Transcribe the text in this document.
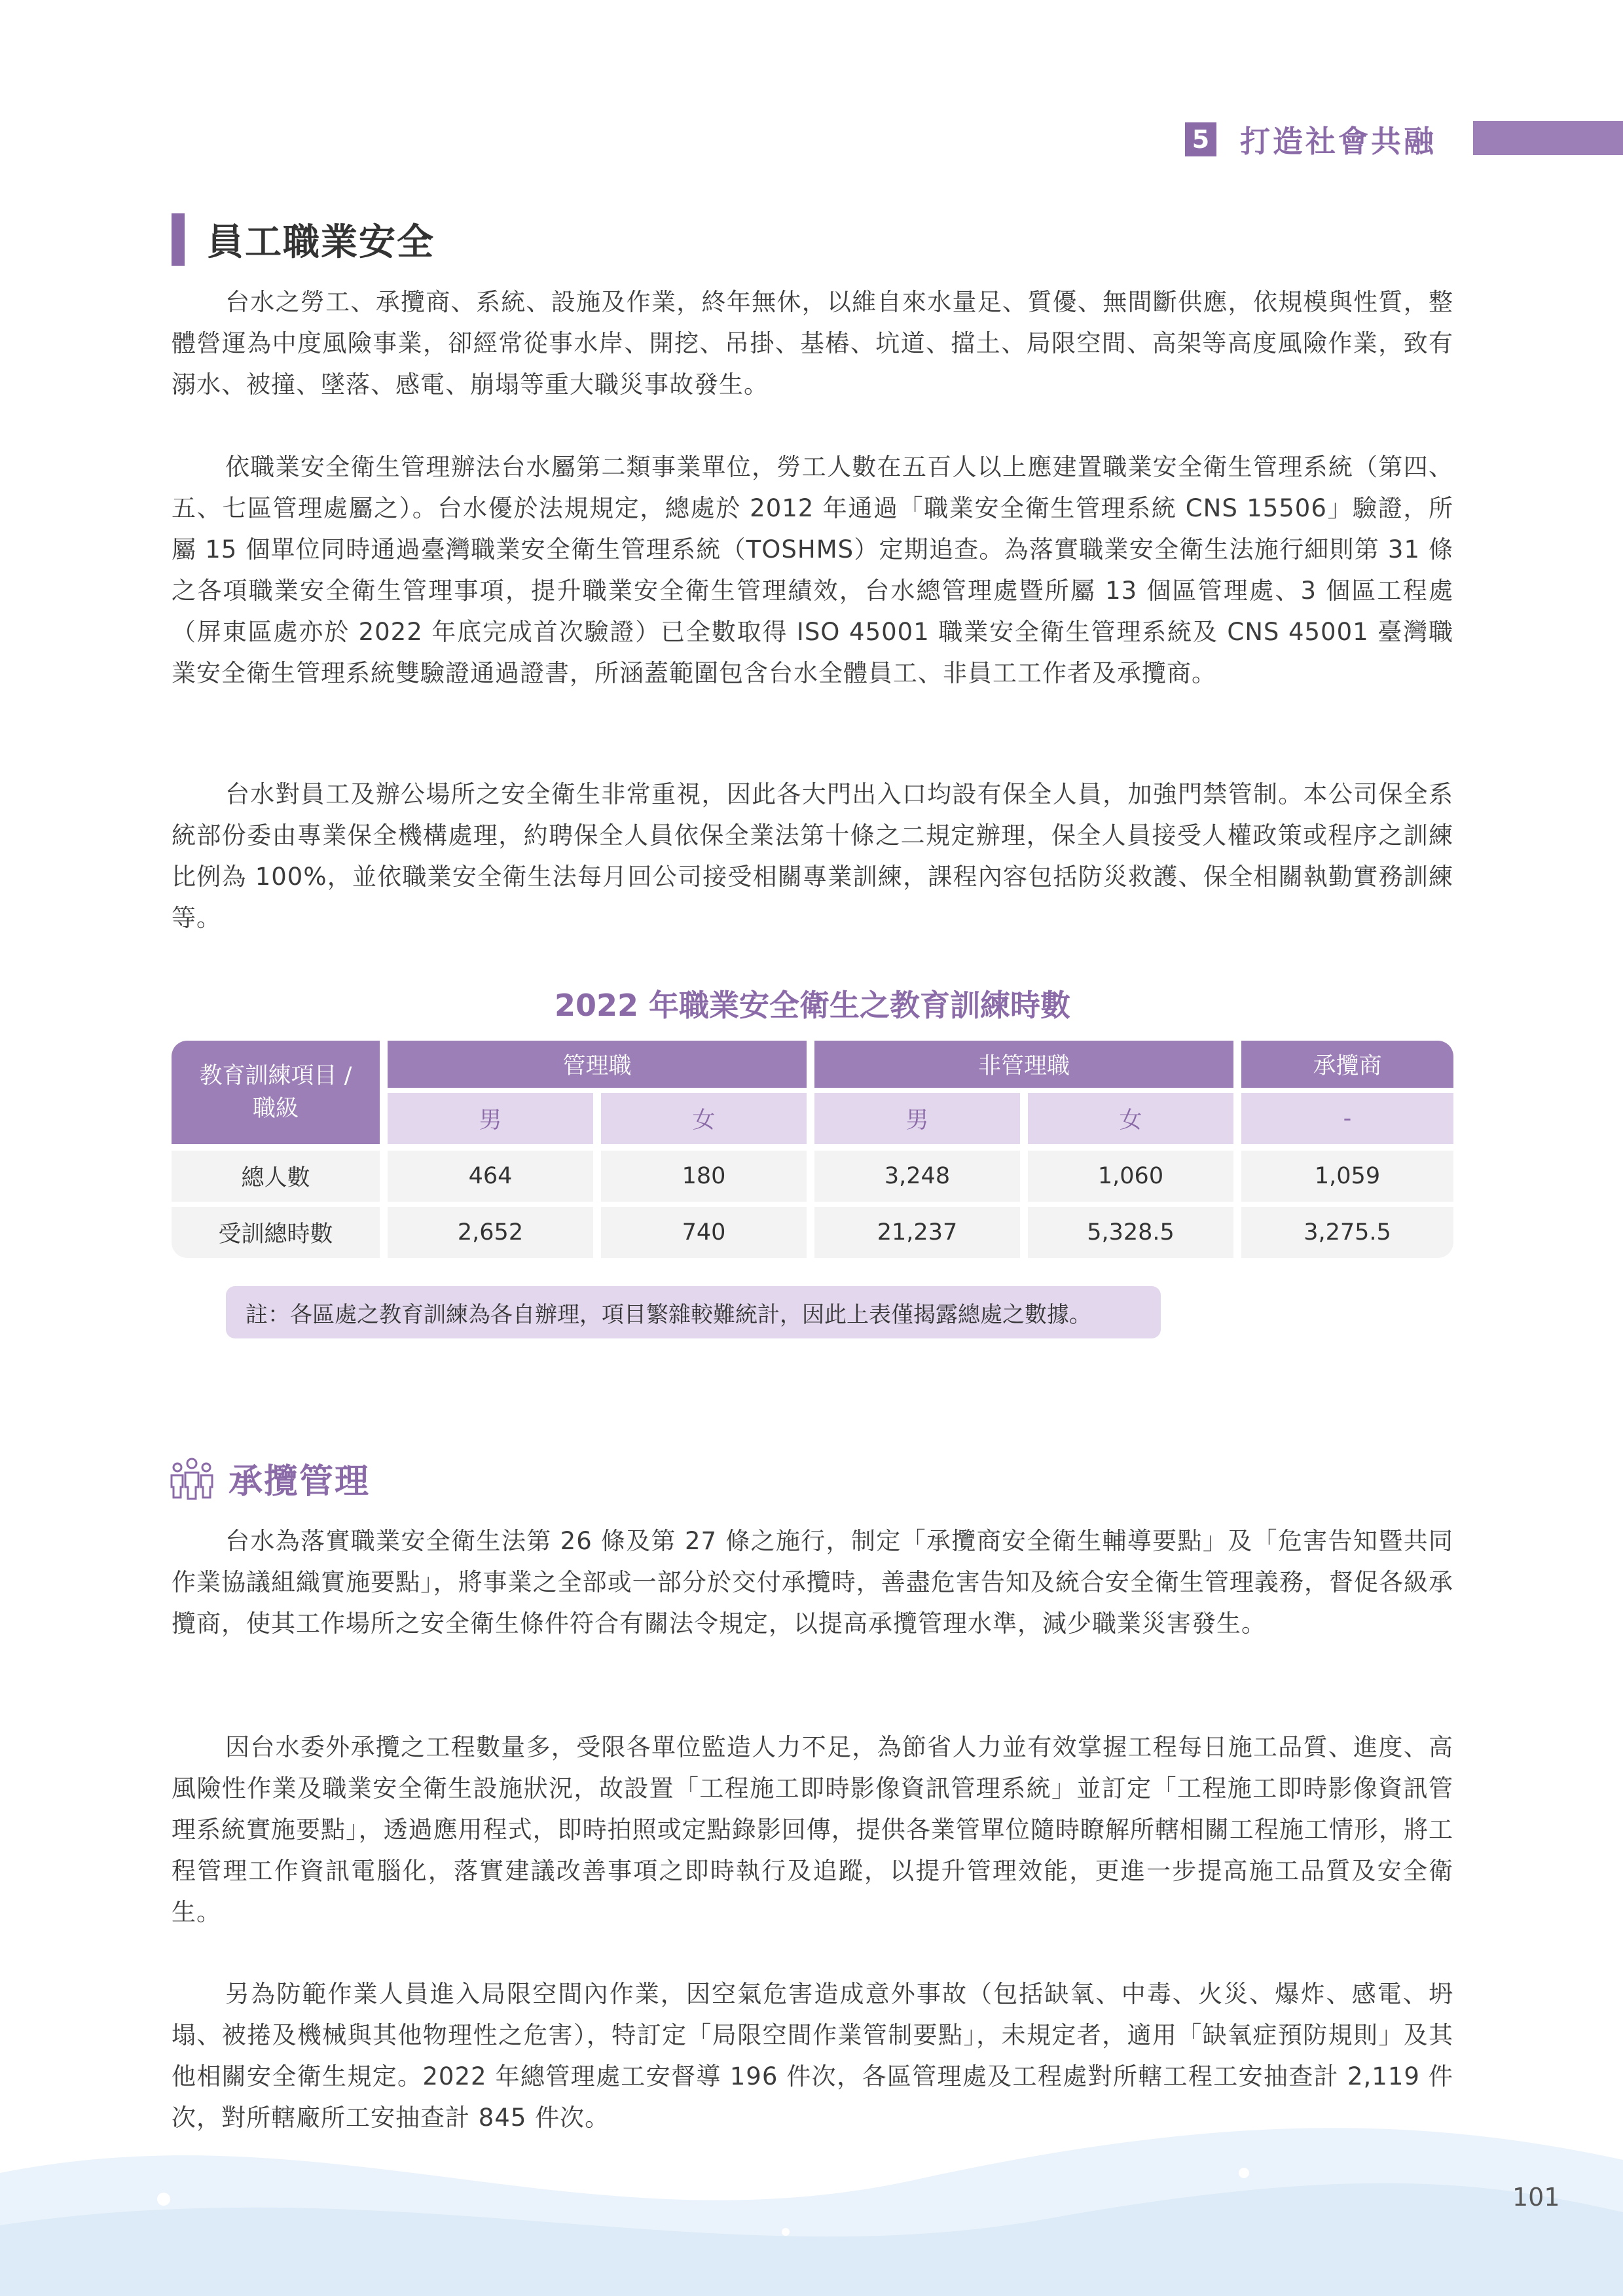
5 打造社會共融
員工職業安全
台水之勞工、承攬商、系統、設施及作業，終年無休，以維自來水量足、質優、無間斷供應，依規模與性質，整體營運為中度風險事業，卻經常從事水岸、開挖、吊掛、基樁、坑道、擋土、局限空間、高架等高度風險作業，致有溺水、被撞、墜落、感電、崩塌等重大職災事故發生。
依職業安全衛生管理辦法台水屬第二類事業單位，勞工人數在五百人以上應建置職業安全衛生管理系統（第四、五、七區管理處屬之）。台水優於法規規定，總處於 2012 年通過「職業安全衛生管理系統 CNS 15506」驗證，所屬 15 個單位同時通過臺灣職業安全衛生管理系統（TOSHMS）定期追查。為落實職業安全衛生法施行細則第 31 條之各項職業安全衛生管理事項，提升職業安全衛生管理績效，台水總管理處暨所屬 13 個區管理處、3 個區工程處（屏東區處亦於 2022 年底完成首次驗證）已全數取得 ISO 45001 職業安全衛生管理系統及 CNS 45001 臺灣職業安全衛生管理系統雙驗證通過證書，所涵蓋範圍包含台水全體員工、非員工工作者及承攬商。
台水對員工及辦公場所之安全衛生非常重視，因此各大門出入口均設有保全人員，加強門禁管制。本公司保全系統部份委由專業保全機構處理，約聘保全人員依保全業法第十條之二規定辦理，保全人員接受人權政策或程序之訓練比例為 100%，並依職業安全衛生法每月回公司接受相關專業訓練，課程內容包括防災救護、保全相關執勤實務訓練等。
2022 年職業安全衛生之教育訓練時數
教育訓練項目 / 職級
管理職	非管理職	承攬商
男	女	男	女	-
總人數	464	180	3,248	1,060	1,059
受訓總時數	2,652	740	21,237	5,328.5	3,275.5
註：各區處之教育訓練為各自辦理，項目繁雜較難統計，因此上表僅揭露總處之數據。
承攬管理
台水為落實職業安全衛生法第 26 條及第 27 條之施行，制定「承攬商安全衛生輔導要點」及「危害告知暨共同作業協議組織實施要點」，將事業之全部或一部分於交付承攬時，善盡危害告知及統合安全衛生管理義務，督促各級承攬商，使其工作場所之安全衛生條件符合有關法令規定，以提高承攬管理水準，減少職業災害發生。
因台水委外承攬之工程數量多，受限各單位監造人力不足，為節省人力並有效掌握工程每日施工品質、進度、高風險性作業及職業安全衛生設施狀況，故設置「工程施工即時影像資訊管理系統」並訂定「工程施工即時影像資訊管理系統實施要點」，透過應用程式，即時拍照或定點錄影回傳，提供各業管單位隨時瞭解所轄相關工程施工情形，將工程管理工作資訊電腦化，落實建議改善事項之即時執行及追蹤，以提升管理效能，更進一步提高施工品質及安全衛生。
另為防範作業人員進入局限空間內作業，因空氣危害造成意外事故（包括缺氧、中毒、火災、爆炸、感電、坍塌、被捲及機械與其他物理性之危害），特訂定「局限空間作業管制要點」，未規定者，適用「缺氧症預防規則」及其他相關安全衛生規定。2022 年總管理處工安督導 196 件次，各區管理處及工程處對所轄工程工安抽查計 2,119 件次，對所轄廠所工安抽查計 845 件次。
101
